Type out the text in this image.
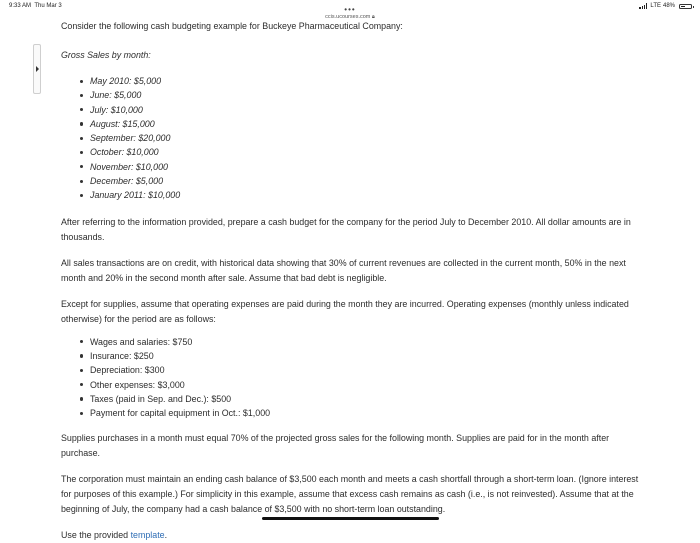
9:33 AM Thu Mar 3	LTE 48%
•••
ccis.ucourses.com 🔒︎

Consider the following cash budgeting example for Buckeye Pharmaceutical Company:

Gross Sales by month:

May 2010: $5,000
June: $5,000
July: $10,000
August: $15,000
September: $20,000
October: $10,000
November: $10,000
December: $5,000
January 2011: $10,000

After referring to the information provided, prepare a cash budget for the company for the period July to December 2010. All dollar amounts are in thousands.

All sales transactions are on credit, with historical data showing that 30% of current revenues are collected in the current month, 50% in the next month and 20% in the second month after sale. Assume that bad debt is negligible.

Except for supplies, assume that operating expenses are paid during the month they are incurred. Operating expenses (monthly unless indicated otherwise) for the period are as follows:

Wages and salaries: $750
Insurance: $250
Depreciation: $300
Other expenses: $3,000
Taxes (paid in Sep. and Dec.): $500
Payment for capital equipment in Oct.: $1,000

Supplies purchases in a month must equal 70% of the projected gross sales for the following month. Supplies are paid for in the month after purchase.

The corporation must maintain an ending cash balance of $3,500 each month and meets a cash shortfall through a short-term loan. (Ignore interest for purposes of this example.) For simplicity in this example, assume that excess cash remains as cash (i.e., is not reinvested). Assume that at the beginning of July, the company had a cash balance of $3,500 with no short-term loan outstanding.

Use the provided template.
